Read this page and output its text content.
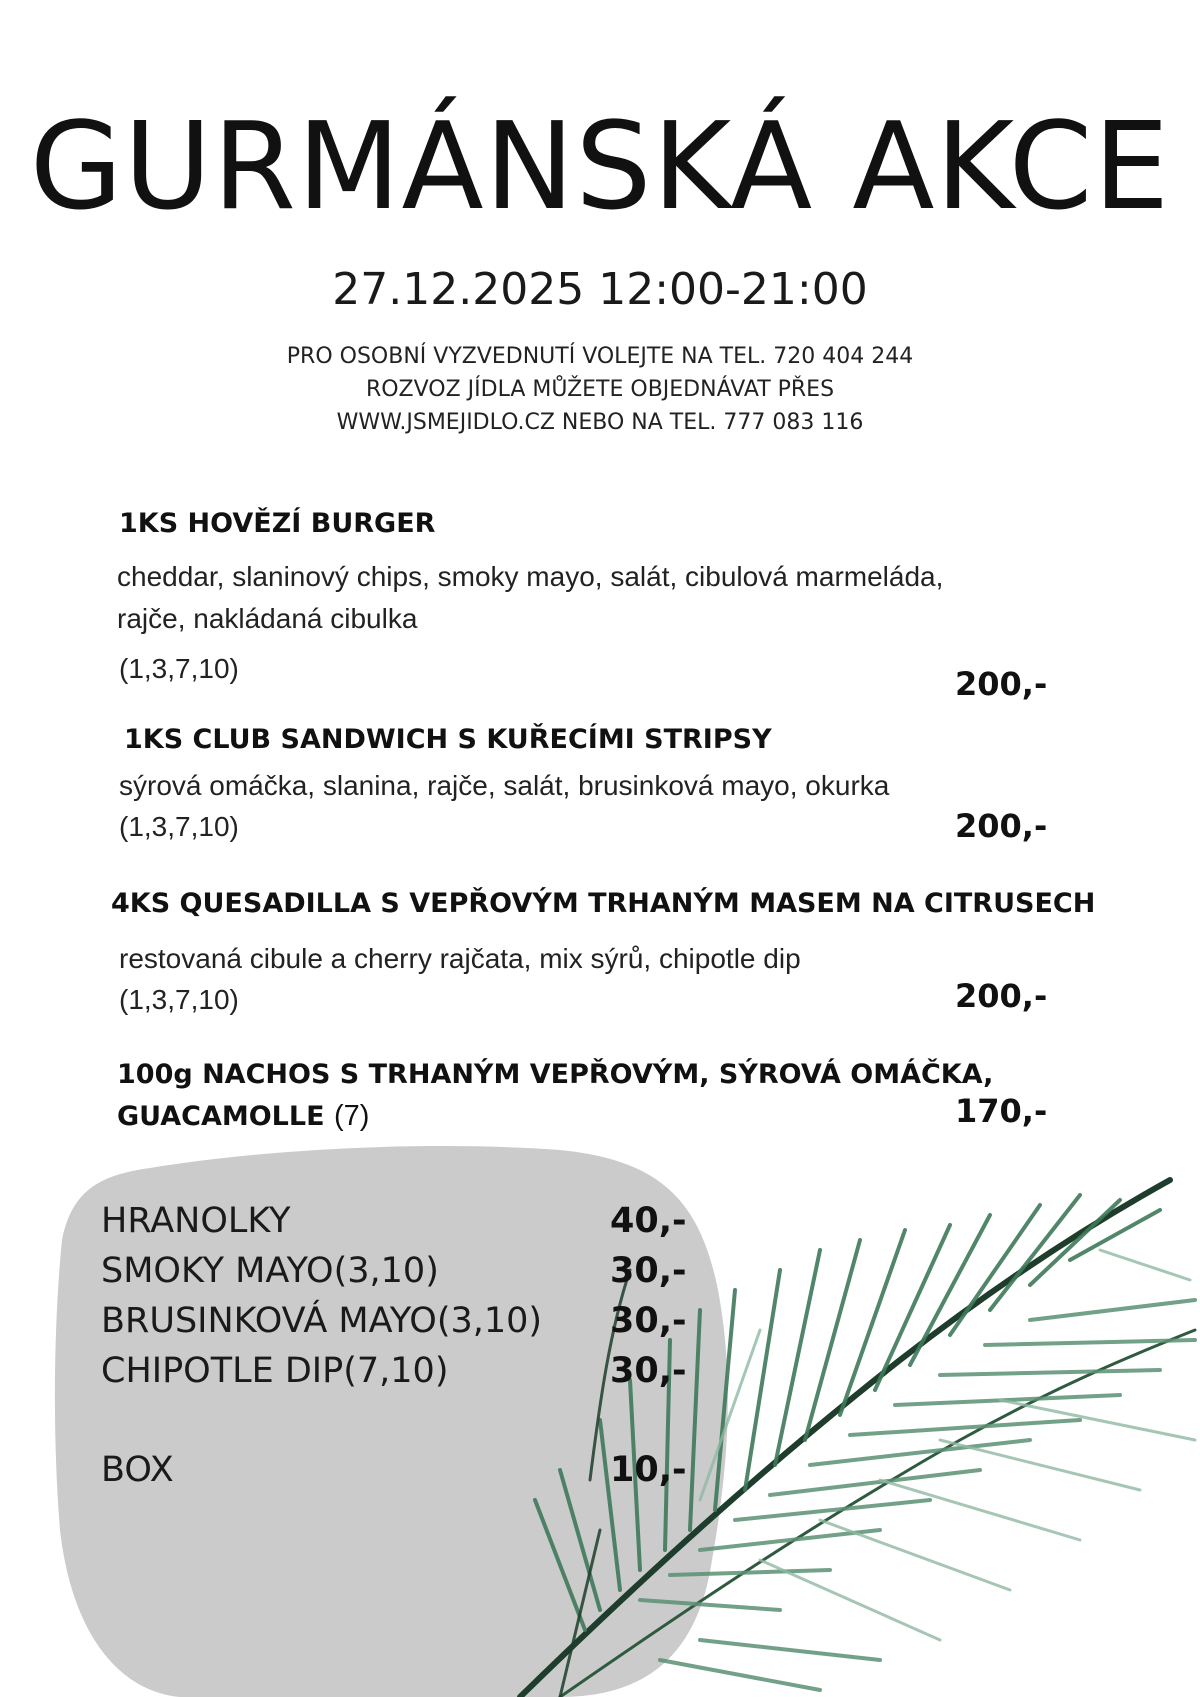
GURMÁNSKÁ AKCE
27.12.2025 12:00-21:00
PRO OSOBNÍ VYZVEDNUTÍ VOLEJTE NA TEL. 720 404 244
ROZVOZ JÍDLA MŮŽETE OBJEDNÁVAT PŘES
WWW.JSMEJIDLO.CZ NEBO NA TEL. 777 083 116
1KS HOVĚZÍ BURGER
cheddar, slaninový chips, smoky mayo, salát, cibulová marmeláda,
rajče, nakládaná cibulka
(1,3,7,10)	200,-
1KS CLUB SANDWICH S KUŘECÍMI STRIPSY
sýrová omáčka, slanina, rajče, salát, brusinková mayo, okurka
(1,3,7,10)	200,-
4KS QUESADILLA S VEPŘOVÝM TRHANÝM MASEM NA CITRUSECH
restovaná cibule a cherry rajčata, mix sýrů, chipotle dip
(1,3,7,10)	200,-
100g NACHOS S TRHANÝM VEPŘOVÝM, SÝROVÁ OMÁČKA,
GUACAMOLLE (7)	170,-
HRANOLKY	40,-
SMOKY MAYO(3,10)	30,-
BRUSINKOVÁ MAYO(3,10) 30,-
CHIPOTLE DIP(7,10)	30,-
BOX	10,-
